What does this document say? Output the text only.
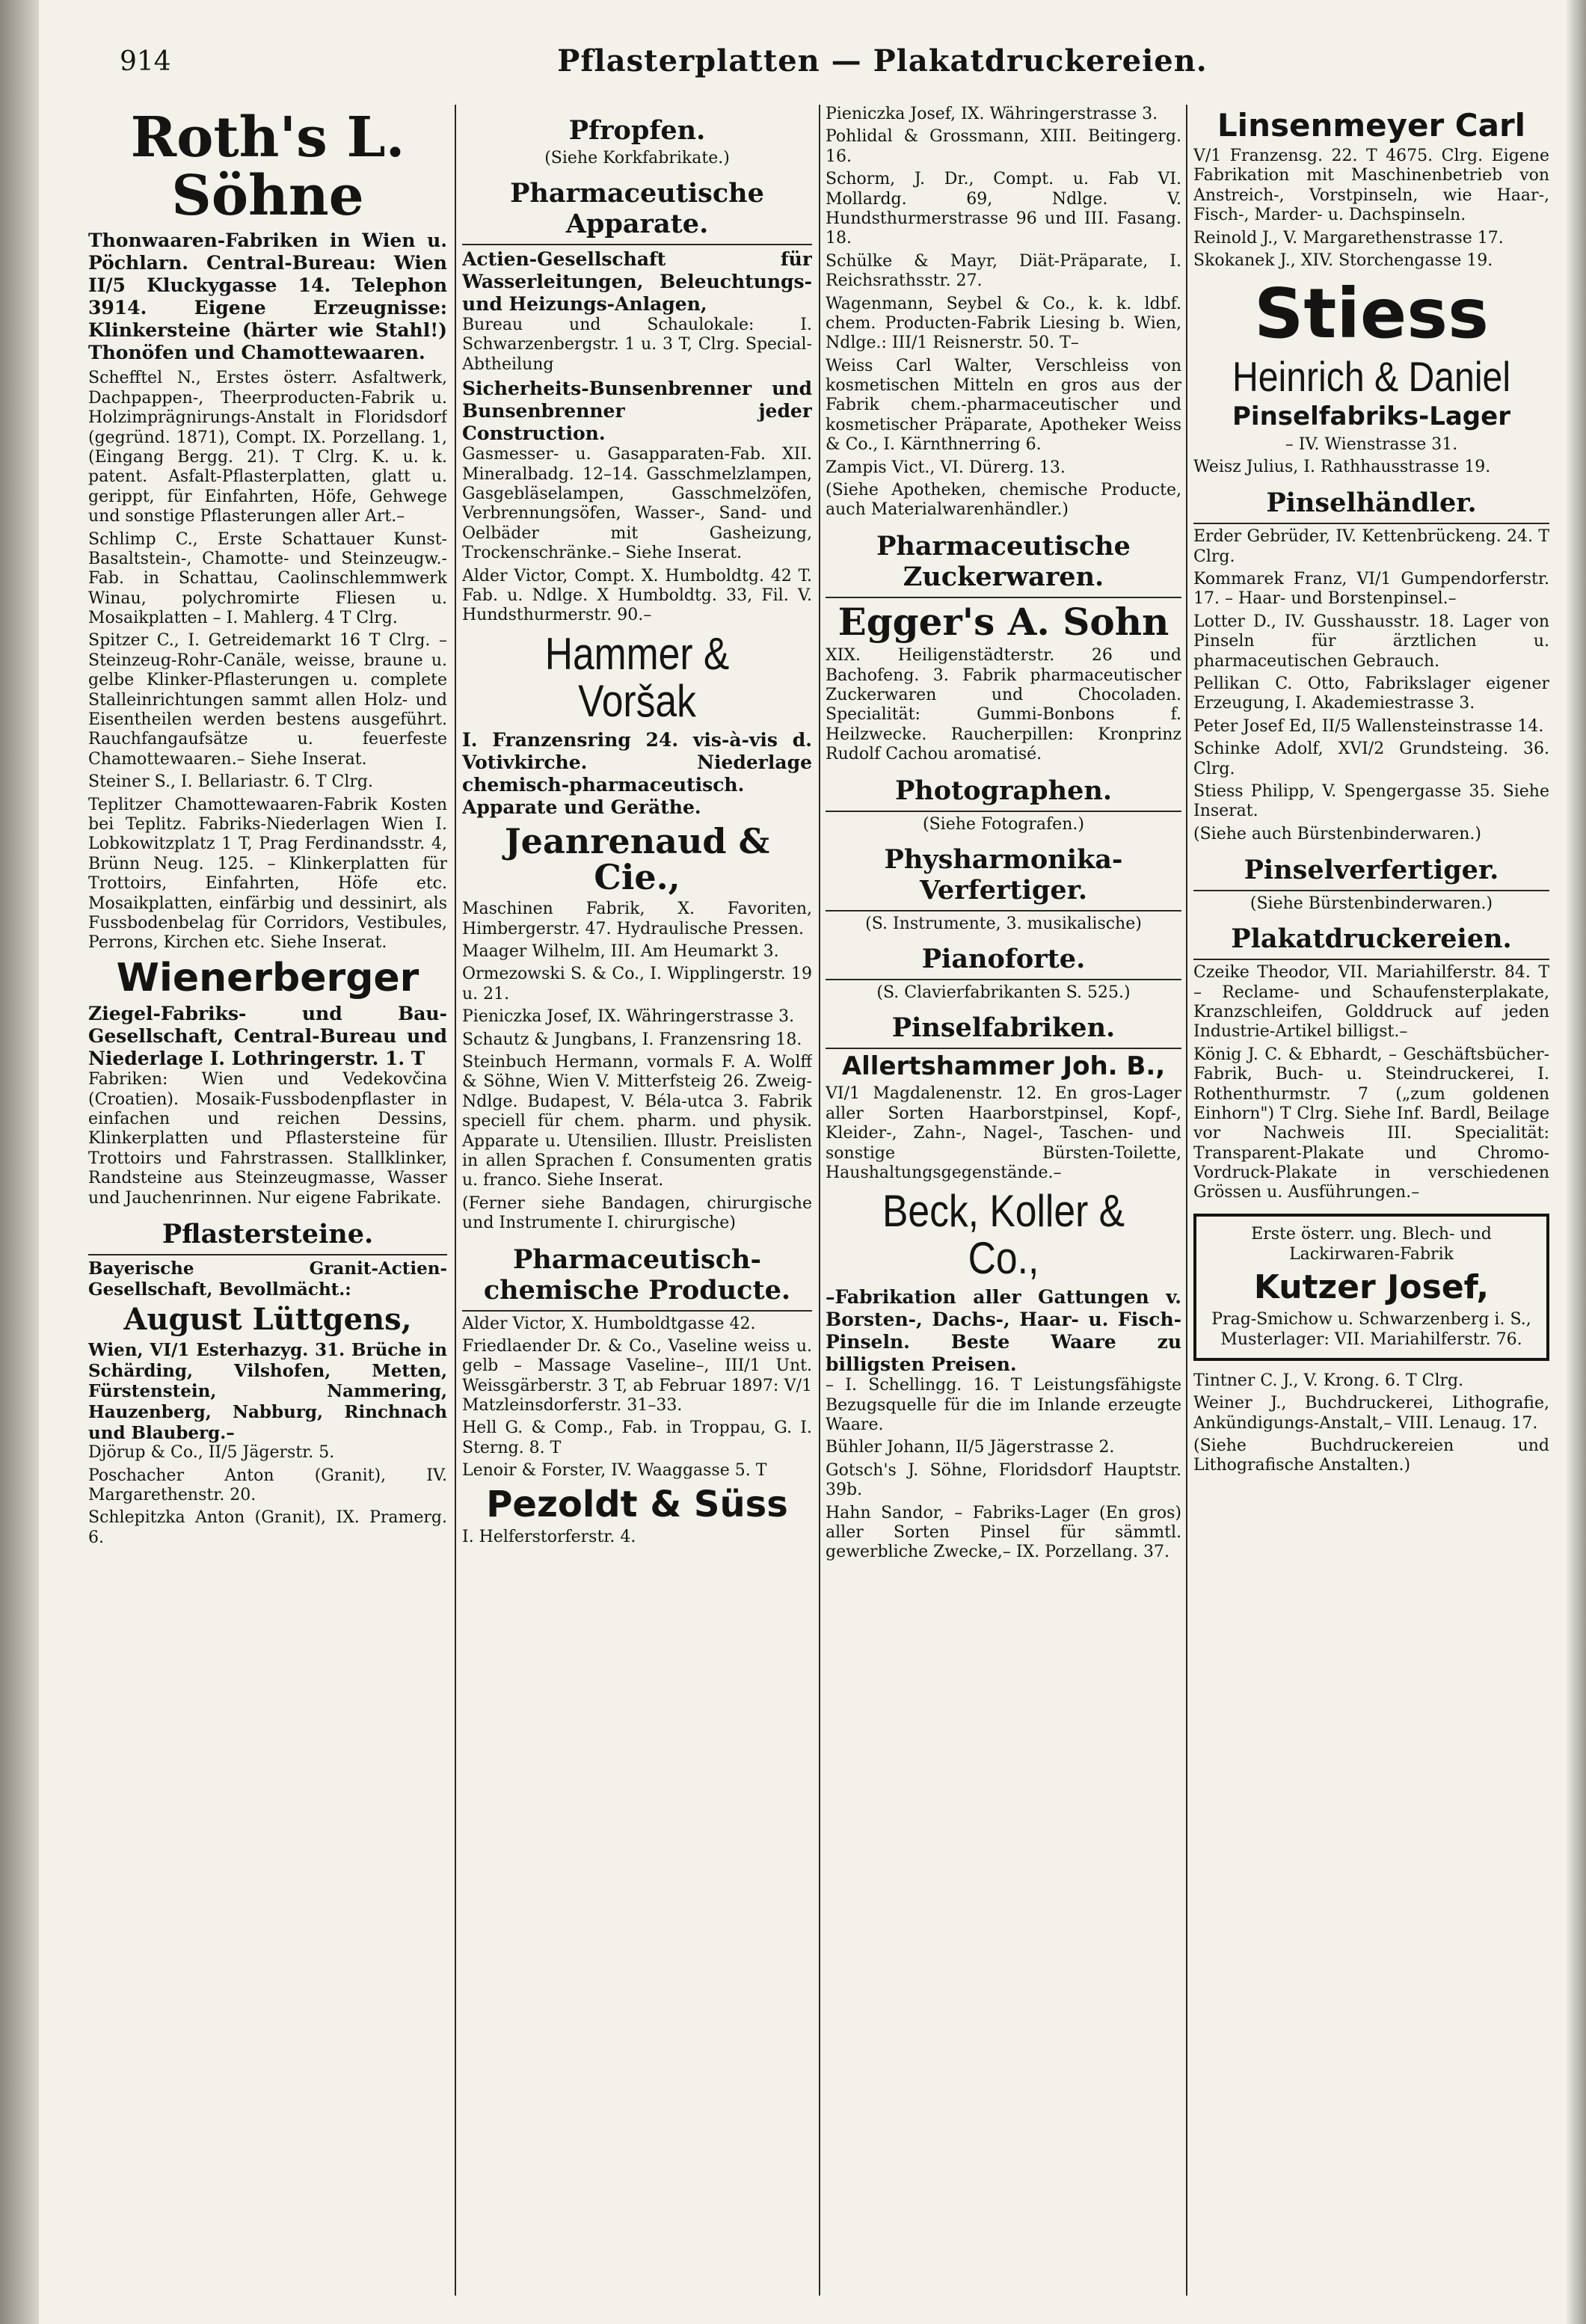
914	Pflasterplatten — Plakatdruckereien.
Roth's L. Söhne
Thonwaaren-Fabriken in Wien u. Pöchlarn. Central-Bureau: Wien II/5 Kluckygasse 14. Telephon 3914. Eigene Erzeugnisse: Klinkersteine (härter wie Stahl!) Thonöfen und Chamottewaaren.
Schefftel N., Erstes österr. Asfaltwerk, Dachpappen-, Theerproducten-Fabrik u. Holzimprägnirungs-Anstalt in Floridsdorf (gegründ. 1871), Compt. IX. Porzellang. 1, (Eingang Bergg. 21). T Clrg. K. u. k. patent. Asfalt-Pflasterplatten, glatt u. gerippt, für Einfahrten, Höfe, Gehwege und sonstige Pflasterungen aller Art.–
Schlimp C., Erste Schattauer Kunst- Basaltstein-, Chamotte- und Steinzeugw.-Fab. in Schattau, Caolinschlemmwerk Winau, polychromirte Fliesen u. Mosaikplatten – I. Mahlerg. 4 T Clrg.
Spitzer C., I. Getreidemarkt 16 T Clrg. – Steinzeug-Rohr-Canäle, weisse, braune u. gelbe Klinker-Pflasterungen u. complete Stalleinrichtungen sammt allen Holz- und Eisentheilen werden bestens ausgeführt. Rauchfangaufsätze u. feuerfeste Chamottewaaren.– Siehe Inserat.
Steiner S., I. Bellariastr. 6. T Clrg.
Teplitzer Chamottewaaren-Fabrik Kosten bei Teplitz. Fabriks-Niederlagen Wien I. Lobkowitzplatz 1 T, Prag Ferdinandsstr. 4, Brünn Neug. 125. – Klinkerplatten für Trottoirs, Einfahrten, Höfe etc. Mosaikplatten, einfärbig und dessinirt, als Fussbodenbelag für Corridors, Vestibules, Perrons, Kirchen etc. Siehe Inserat.
Wienerberger
Ziegel-Fabriks- und Bau-Gesellschaft, Central-Bureau und Niederlage I. Lothringerstr. 1. T
Fabriken: Wien und Vedekovčina (Croatien). Mosaik-Fussbodenpflaster in einfachen und reichen Dessins, Klinkerplatten und Pflastersteine für Trottoirs und Fahrstrassen. Stallklinker, Randsteine aus Steinzeugmasse, Wasser und Jauchenrinnen. Nur eigene Fabrikate.
Pflastersteine.
Bayerische Granit-Actien-Gesellschaft, Bevollmächt.:
August Lüttgens,
Wien, VI/1 Esterhazyg. 31. Brüche in Schärding, Vilshofen, Metten, Fürstenstein, Nammering, Hauzenberg, Nabburg, Rinchnach und Blauberg.–
Djörup & Co., II/5 Jägerstr. 5.
Poschacher Anton (Granit), IV. Margarethenstr. 20.
Schlepitzka Anton (Granit), IX. Pramerg. 6.
Pfropfen.
(Siehe Korkfabrikate.)
Pharmaceutische Apparate.
Actien-Gesellschaft für Wasserleitungen, Beleuchtungs- und Heizungs-Anlagen,
Bureau und Schaulokale: I. Schwarzenbergstr. 1 u. 3 T, Clrg. Special-Abtheilung
Sicherheits-Bunsenbrenner und Bunsenbrenner jeder Construction.
Gasmesser- u. Gasapparaten-Fab. XII. Mineralbadg. 12–14. Gasschmelzlampen, Gasgebläselampen, Gasschmelzöfen, Verbrennungsöfen, Wasser-, Sand- und Oelbäder mit Gasheizung, Trockenschränke.– Siehe Inserat.
Alder Victor, Compt. X. Humboldtg. 42 T. Fab. u. Ndlge. X Humboldtg. 33, Fil. V. Hundsthurmerstr. 90.–
Hammer & Voršak
I. Franzensring 24. vis-à-vis d. Votivkirche. Niederlage chemisch-pharmaceutisch. Apparate und Geräthe.
Jeanrenaud & Cie.,
Maschinen Fabrik, X. Favoriten, Himbergerstr. 47. Hydraulische Pressen.
Maager Wilhelm, III. Am Heumarkt 3.
Ormezowski S. & Co., I. Wipplingerstr. 19 u. 21.
Pieniczka Josef, IX. Währingerstrasse 3.
Schautz & Jungbans, I. Franzensring 18.
Steinbuch Hermann, vormals F. A. Wolff & Söhne, Wien V. Mitterfsteig 26. Zweig-Ndlge. Budapest, V. Béla-utca 3. Fabrik speciell für chem. pharm. und physik. Apparate u. Utensilien. Illustr. Preislisten in allen Sprachen f. Consumenten gratis u. franco. Siehe Inserat.
(Ferner siehe Bandagen, chirurgische und Instrumente I. chirurgische)
Pharmaceutisch-chemische Producte.
Alder Victor, X. Humboldtgasse 42.
Friedlaender Dr. & Co., Vaseline weiss u. gelb – Massage Vaseline–, III/1 Unt. Weissgärberstr. 3 T, ab Februar 1897: V/1 Matzleinsdorferstr. 31–33.
Hell G. & Comp., Fab. in Troppau, G. I. Sterng. 8. T
Lenoir & Forster, IV. Waaggasse 5. T
Pezoldt & Süss
I. Helferstorferstr. 4.
Pieniczka Josef, IX. Währingerstrasse 3.
Pohlidal & Grossmann, XIII. Beitingerg. 16.
Schorm, J. Dr., Compt. u. Fab VI. Mollardg. 69, Ndlge. V. Hundsthurmerstrasse 96 und III. Fasang. 18.
Schülke & Mayr, Diät-Präparate, I. Reichsrathsstr. 27.
Wagenmann, Seybel & Co., k. k. ldbf. chem. Producten-Fabrik Liesing b. Wien, Ndlge.: III/1 Reisnerstr. 50. T–
Weiss Carl Walter, Verschleiss von kosmetischen Mitteln en gros aus der Fabrik chem.-pharmaceutischer und kosmetischer Präparate, Apotheker Weiss & Co., I. Kärnthnerring 6.
Zampis Vict., VI. Dürerg. 13.
(Siehe Apotheken, chemische Producte, auch Materialwarenhändler.)
Pharmaceutische Zuckerwaren.
Egger's A. Sohn
XIX. Heiligenstädterstr. 26 und Bachofeng. 3. Fabrik pharmaceutischer Zuckerwaren und Chocoladen. Specialität: Gummi-Bonbons f. Heilzwecke. Raucherpillen: Kronprinz Rudolf Cachou aromatisé.
Photographen.
(Siehe Fotografen.)
Physharmonika-Verfertiger.
(S. Instrumente, 3. musikalische)
Pianoforte.
(S. Clavierfabrikanten S. 525.)
Pinselfabriken.
Allertshammer Joh. B.,
VI/1 Magdalenenstr. 12. En gros-Lager aller Sorten Haarborstpinsel, Kopf-, Kleider-, Zahn-, Nagel-, Taschen- und sonstige Bürsten-Toilette, Haushaltungsgegenstände.–
Beck, Koller & Co.,
–Fabrikation aller Gattungen v. Borsten-, Dachs-, Haar- u. Fisch-Pinseln. Beste Waare zu billigsten Preisen.
– I. Schellingg. 16. T Leistungsfähigste Bezugsquelle für die im Inlande erzeugte Waare.
Bühler Johann, II/5 Jägerstrasse 2.
Gotsch's J. Söhne, Floridsdorf Hauptstr. 39b.
Hahn Sandor, – Fabriks-Lager (En gros) aller Sorten Pinsel für sämmtl. gewerbliche Zwecke,– IX. Porzellang. 37.
Linsenmeyer Carl
V/1 Franzensg. 22. T 4675. Clrg. Eigene Fabrikation mit Maschinenbetrieb von Anstreich-, Vorstpinseln, wie Haar-, Fisch-, Marder- u. Dachspinseln.
Reinold J., V. Margarethenstrasse 17.
Skokanek J., XIV. Storchengasse 19.
Stiess
Heinrich & Daniel
Pinselfabriks-Lager
– IV. Wienstrasse 31.
Weisz Julius, I. Rathhausstrasse 19.
Pinselhändler.
Erder Gebrüder, IV. Kettenbrückeng. 24. T Clrg.
Kommarek Franz, VI/1 Gumpendorferstr. 17. – Haar- und Borstenpinsel.–
Lotter D., IV. Gusshausstr. 18. Lager von Pinseln für ärztlichen u. pharmaceutischen Gebrauch.
Pellikan C. Otto, Fabrikslager eigener Erzeugung, I. Akademiestrasse 3.
Peter Josef Ed, II/5 Wallensteinstrasse 14.
Schinke Adolf, XVI/2 Grundsteing. 36. Clrg.
Stiess Philipp, V. Spengergasse 35. Siehe Inserat.
(Siehe auch Bürstenbinderwaren.)
Pinselverfertiger.
(Siehe Bürstenbinderwaren.)
Plakatdruckereien.
Czeike Theodor, VII. Mariahilferstr. 84. T – Reclame- und Schaufensterplakate, Kranzschleifen, Golddruck auf jeden Industrie-Artikel billigst.–
König J. C. & Ebhardt, – Geschäftsbücher-Fabrik, Buch- u. Steindruckerei, I. Rothenthurmstr. 7 („zum goldenen Einhorn") T Clrg. Siehe Inf. Bardl, Beilage vor Nachweis III. Specialität: Transparent-Plakate und Chromo-Vordruck-Plakate in verschiedenen Grössen u. Ausführungen.–
Erste österr. ung. Blech- und Lackirwaren-Fabrik
Kutzer Josef,
Prag-Smichow u. Schwarzenberg i. S., Musterlager: VII. Mariahilferstr. 76.
Tintner C. J., V. Krong. 6. T Clrg.
Weiner J., Buchdruckerei, Lithografie, Ankündigungs-Anstalt,– VIII. Lenaug. 17.
(Siehe Buchdruckereien und Lithografische Anstalten.)
